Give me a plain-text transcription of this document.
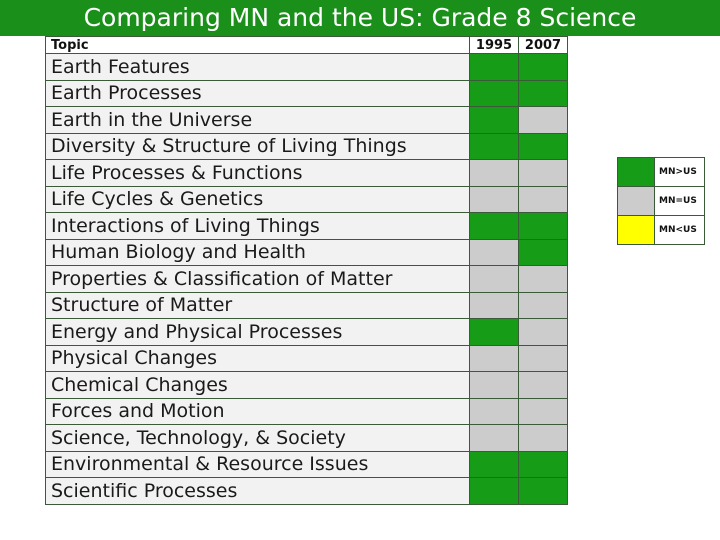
Comparing MN and the US: Grade 8 Science
Topic	1995	2007
Earth Features		
Earth Processes		
Earth in the Universe		
Diversity & Structure of Living Things		
Life Processes & Functions		
Life Cycles & Genetics		
Interactions of Living Things		
Human Biology and Health		
Properties & Classification of Matter		
Structure of Matter		
Energy and Physical Processes		
Physical Changes		
Chemical Changes		
Forces and Motion		
Science, Technology, & Society		
Environmental & Resource Issues		
Scientific Processes		
	MN>US
	MN=US
	MN<US
